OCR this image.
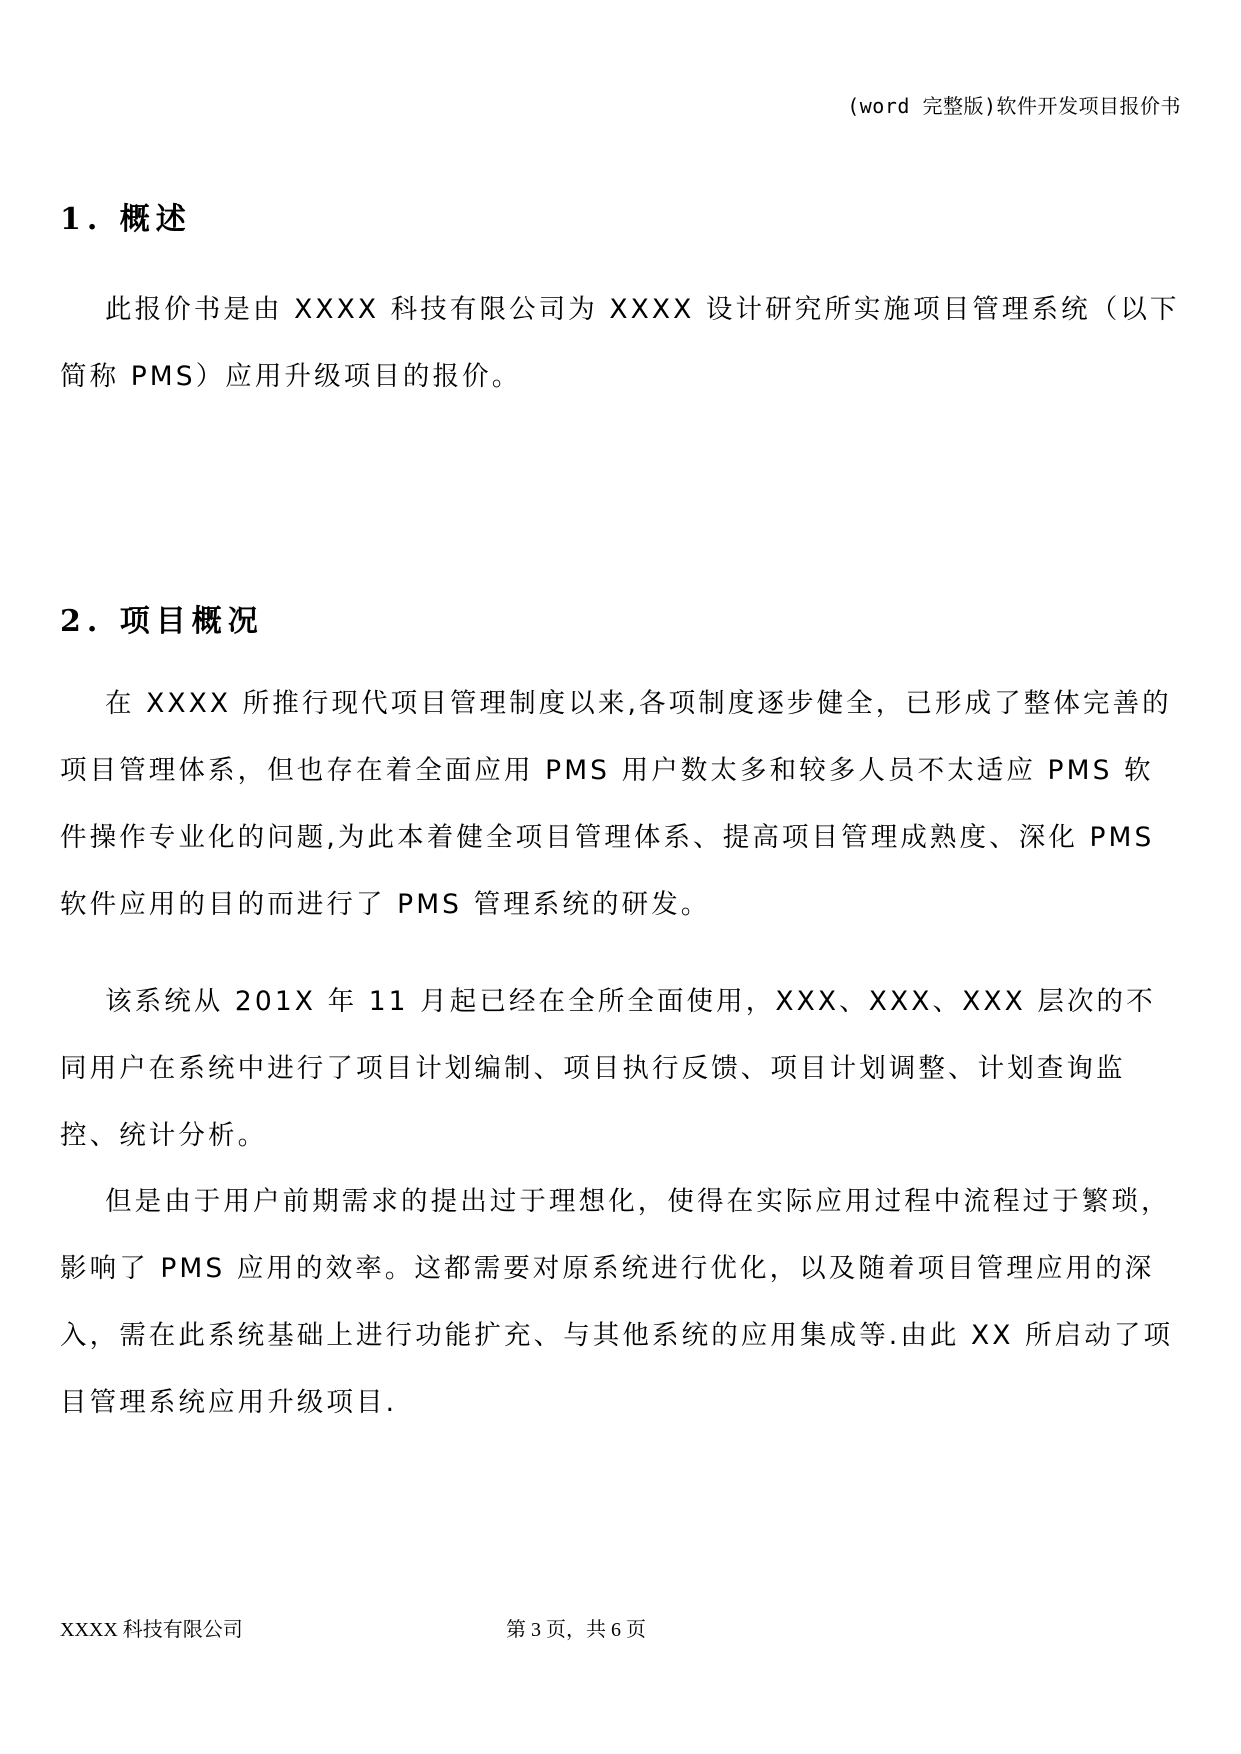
(word 完整版)软件开发项目报价书
1. 概述

此报价书是由 XXXX 科技有限公司为 XXXX 设计研究所实施项目管理系统（以下简称 PMS）应用升级项目的报价。

2. 项目概况

在 XXXX 所推行现代项目管理制度以来,各项制度逐步健全，已形成了整体完善的项目管理体系，但也存在着全面应用 PMS 用户数太多和较多人员不太适应 PMS 软件操作专业化的问题,为此本着健全项目管理体系、提高项目管理成熟度、深化 PMS 软件应用的目的而进行了 PMS 管理系统的研发。

该系统从 201X 年 11 月起已经在全所全面使用，XXX、XXX、XXX 层次的不同用户在系统中进行了项目计划编制、项目执行反馈、项目计划调整、计划查询监控、统计分析。

但是由于用户前期需求的提出过于理想化，使得在实际应用过程中流程过于繁琐，影响了 PMS 应用的效率。这都需要对原系统进行优化，以及随着项目管理应用的深入，需在此系统基础上进行功能扩充、与其他系统的应用集成等.由此 XX 所启动了项目管理系统应用升级项目.

XXXX 科技有限公司	第 3 页，共 6 页
